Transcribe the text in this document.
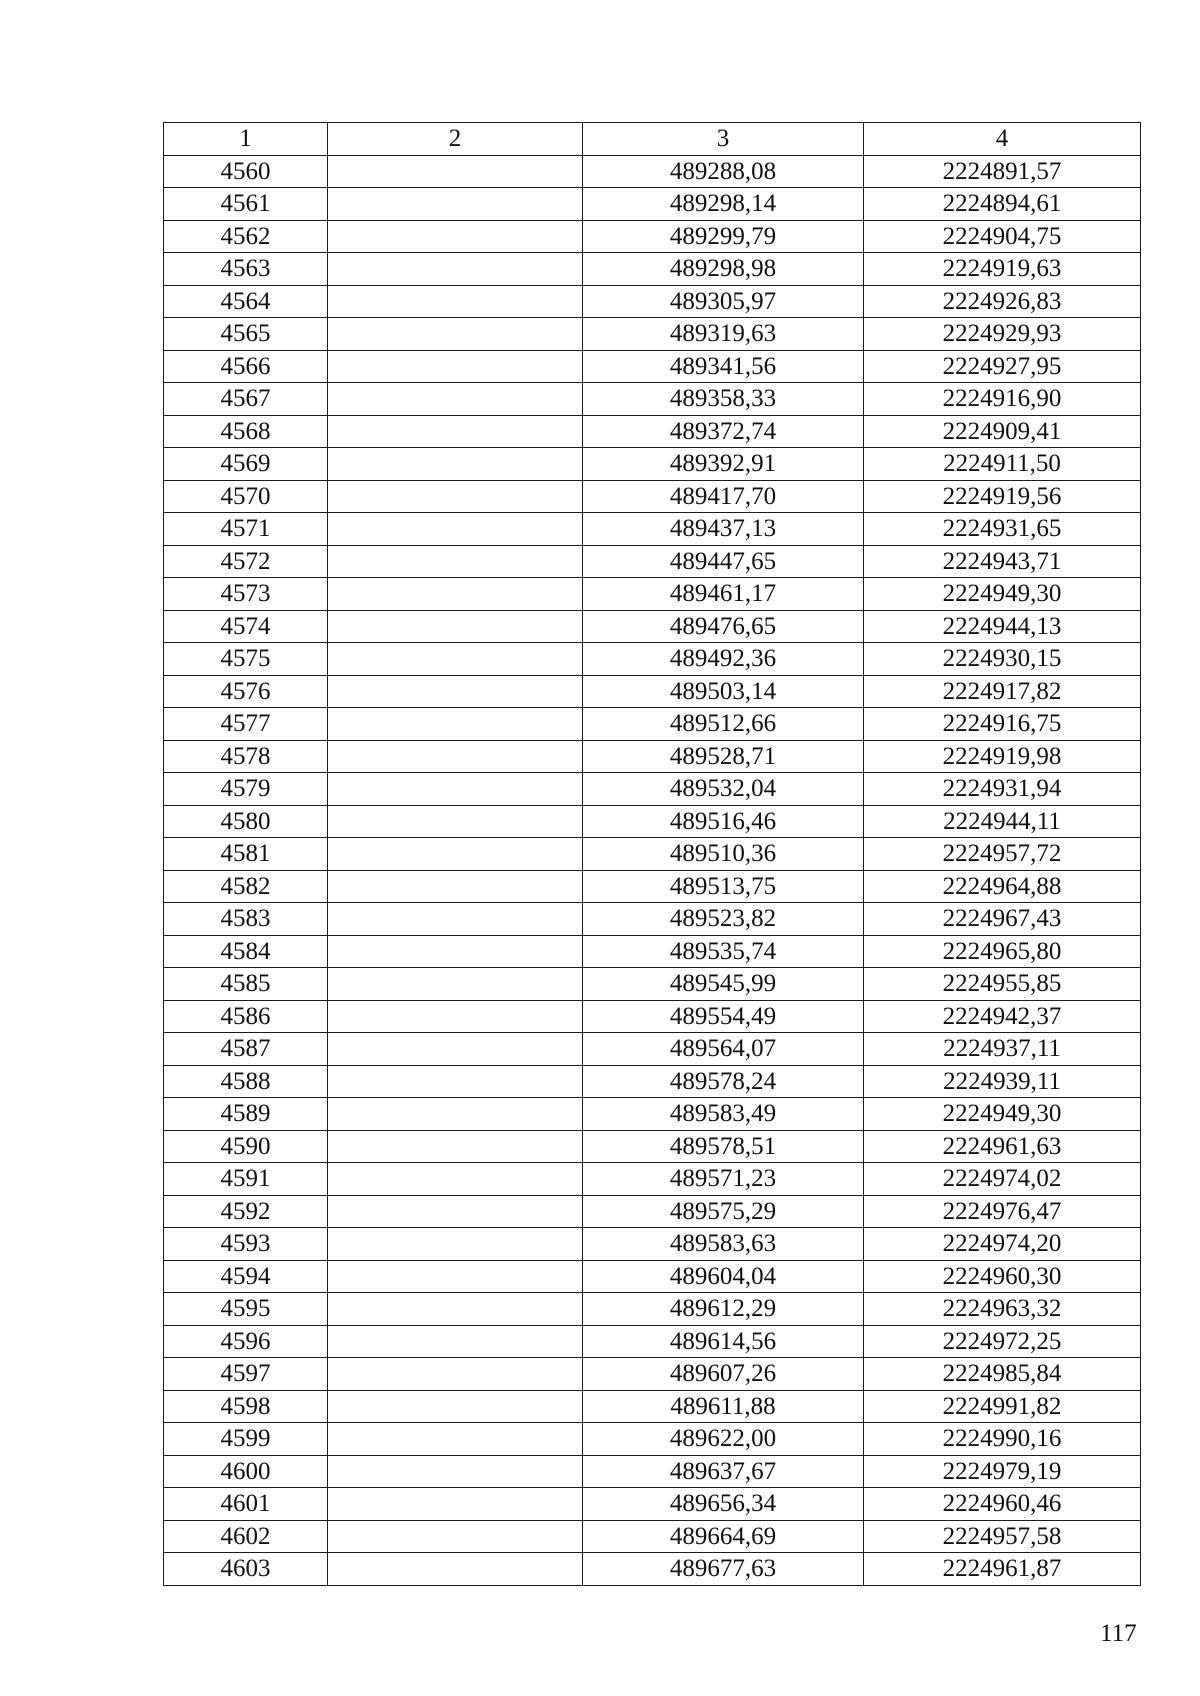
1	2	3	4
4560		489288,08	2224891,57
4561		489298,14	2224894,61
4562		489299,79	2224904,75
4563		489298,98	2224919,63
4564		489305,97	2224926,83
4565		489319,63	2224929,93
4566		489341,56	2224927,95
4567		489358,33	2224916,90
4568		489372,74	2224909,41
4569		489392,91	2224911,50
4570		489417,70	2224919,56
4571		489437,13	2224931,65
4572		489447,65	2224943,71
4573		489461,17	2224949,30
4574		489476,65	2224944,13
4575		489492,36	2224930,15
4576		489503,14	2224917,82
4577		489512,66	2224916,75
4578		489528,71	2224919,98
4579		489532,04	2224931,94
4580		489516,46	2224944,11
4581		489510,36	2224957,72
4582		489513,75	2224964,88
4583		489523,82	2224967,43
4584		489535,74	2224965,80
4585		489545,99	2224955,85
4586		489554,49	2224942,37
4587		489564,07	2224937,11
4588		489578,24	2224939,11
4589		489583,49	2224949,30
4590		489578,51	2224961,63
4591		489571,23	2224974,02
4592		489575,29	2224976,47
4593		489583,63	2224974,20
4594		489604,04	2224960,30
4595		489612,29	2224963,32
4596		489614,56	2224972,25
4597		489607,26	2224985,84
4598		489611,88	2224991,82
4599		489622,00	2224990,16
4600		489637,67	2224979,19
4601		489656,34	2224960,46
4602		489664,69	2224957,58
4603		489677,63	2224961,87
117
